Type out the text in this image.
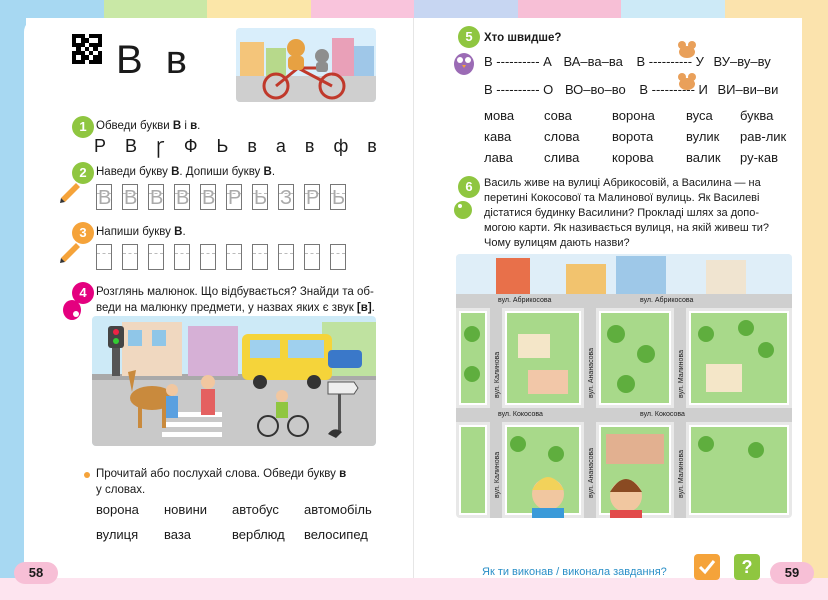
В в
1 Обведи букви В і в.
Р В Ꞅ Ф Ь в а в ф в
2 Наведи букву В. Допиши букву В.
В В В В В Р Ь З Р Ь
3 Напиши букву В.
4 Розглянь малюнок. Що відбувається? Знайди та об-
веди на малюнку предмети, у назвах яких є звук [в].
Прочитай або послухай слова. Обведи букву в
у словах.
ворона	новини	автобус	автомобіль
вулиця	ваза	верблюд	велосипед
58
5 Хто швидше?
В ---------- А ВА–ва–ва В ---------- У ВУ–ву–ву
В ---------- О ВО–во–во В ---------- И ВИ–ви–ви
мова	сова	ворона	вуса	буква
кава	слова	ворота	вулик	рав-лик
лава	слива	корова	валик	ру-кав
6	Василь живе на вулиці Абрикосовій, а Василина — на
перетині Кокосової та Малинової вулиць. Як Василеві
дістатися будинку Василини? Прокладі шлях за допо-
могою карти. Як називається вулиця, на якій живеш ти?
Чому вулицям дають назви?
вул. Абрикосова	вул. Абрикосова
вул. Калинова	вул. Ананасова	вул. Малинова
вул. Кокосова	вул. Кокосова
вул. Калинова	вул. Ананасова	вул. Малинова
Як ти виконав / виконала завдання?	?	59
